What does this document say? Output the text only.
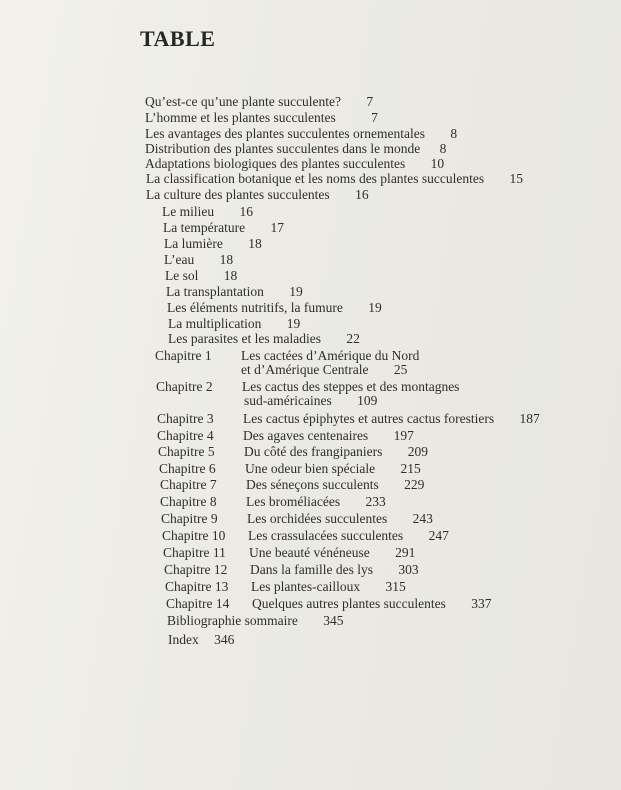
TABLE
Qu’est-ce qu’une plante succulente? 7
L’homme et les plantes succulentes	7
Les avantages des plantes succulentes ornementales 8
Distribution des plantes succulentes dans le monde 8
Adaptations biologiques des plantes succulentes 10
La classification botanique et les noms des plantes succulentes 15
La culture des plantes succulentes 16
Le milieu 16
La température 17
La lumière 18
L’eau 18
Le sol 18
La transplantation 19
Les éléments nutritifs, la fumure 19
La multiplication 19
Les parasites et les maladies 22
Chapitre 1 Les cactées d’Amérique du Nord
et d’Amérique Centrale 25
Chapitre 2 Les cactus des steppes et des montagnes
sud-américaines 109
Chapitre 3 Les cactus épiphytes et autres cactus forestiers 187
Chapitre 4 Des agaves centenaires 197
Chapitre 5 Du côté des frangipaniers 209
Chapitre 6 Une odeur bien spéciale 215
Chapitre 7 Des séneçons succulents 229
Chapitre 8 Les broméliacées 233
Chapitre 9 Les orchidées succulentes 243
Chapitre 10 Les crassulacées succulentes 247
Chapitre 11 Une beauté vénéneuse 291
Chapitre 12 Dans la famille des lys 303
Chapitre 13 Les plantes-cailloux 315
Chapitre 14 Quelques autres plantes succulentes 337
Bibliographie sommaire 345
Index 346
